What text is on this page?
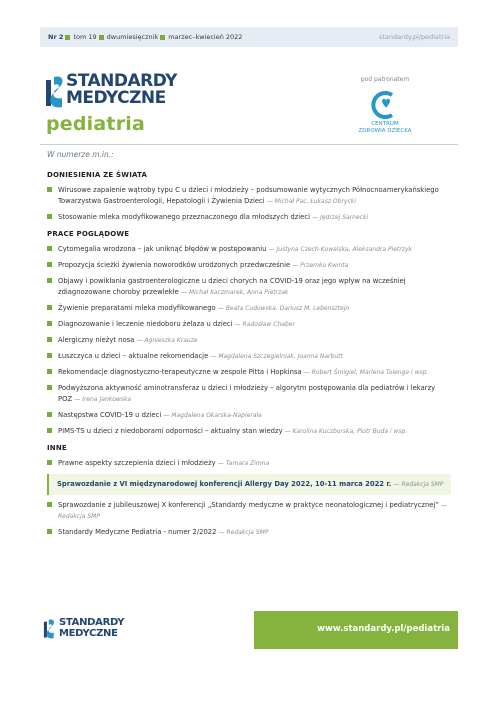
Nr 2 tom 19 dwumiesięcznik marzec–kwiecień 2022	standardy.pl/pediatria
STANDARDY
MEDYCZNE
pediatria
pod patronatem
CENTRUM
ZDROWIA DZIECKA
W numerze m.in.:
DONIESIENIA ZE ŚWIATA
Wirusowe zapalenie wątroby typu C u dzieci i młodzieży – podsumowanie wytycznych Północnoamerykańskiego Towarzystwa Gastroenterologii, Hepatologii i Żywienia Dzieci — Michał Pac, Łukasz Obrycki
Stosowanie mleka modyfikowanego przeznaczonego dla młodszych dzieci — Jędrzej Sarnecki
PRACE POGLĄDOWE
Cytomegalia wrodzona – jak uniknąć błędów w postępowaniu — Justyna Czech-Kowalska, Aleksandra Pietrzyk
Propozycja ścieżki żywienia noworodków urodzonych przedwcześnie — Przemko Kwinta
Objawy i powikłania gastroenterologiczne u dzieci chorych na COVID-19 oraz jego wpływ na wcześniej zdiagnozowane choroby przewlekłe — Michał Kaczmarek, Anna Pietrzak
Żywienie preparatami mleka modyfikowanego — Beata Cudowska, Dariusz M. Lebensztejn
Diagnozowanie i leczenie niedoboru żelaza u dzieci — Radosław Chaber
Alergiczny nieżyt nosa — Agnieszka Krauze
Łuszczyca u dzieci – aktualne rekomendacje — Magdalena Szczegielniak, Joanna Narbutt
Rekomendacje diagnostyczno-terapeutyczne w zespole Pitta i Hopkinsa — Robert Śmigiel, Marlena Tolenga i wsp.
Podwyższona aktywność aminotransferaz u dzieci i młodzieży – algorytm postępowania dla pediatrów i lekarzy POZ — Irena Jankowska
Następstwa COVID-19 u dzieci — Magdalena Okarska-Napierała
PIMS-TS u dzieci z niedoborami odporności – aktualny stan wiedzy — Karolina Kuczborska, Piotr Buda i wsp.
INNE
Prawne aspekty szczepienia dzieci i młodzieży — Tamara Zimna
Sprawozdanie z VI międzynarodowej konferencji Allergy Day 2022, 10-11 marca 2022 r. — Redakcja SMP
Sprawozdanie z jubileuszowej X konferencji „Standardy medyczne w praktyce neonatologicznej i pediatrycznej” — Redakcja SMP
Standardy Medyczne Pediatria - numer 2/2022 — Redakcja SMP
STANDARDY
MEDYCZNE	www.standardy.pl/pediatria
